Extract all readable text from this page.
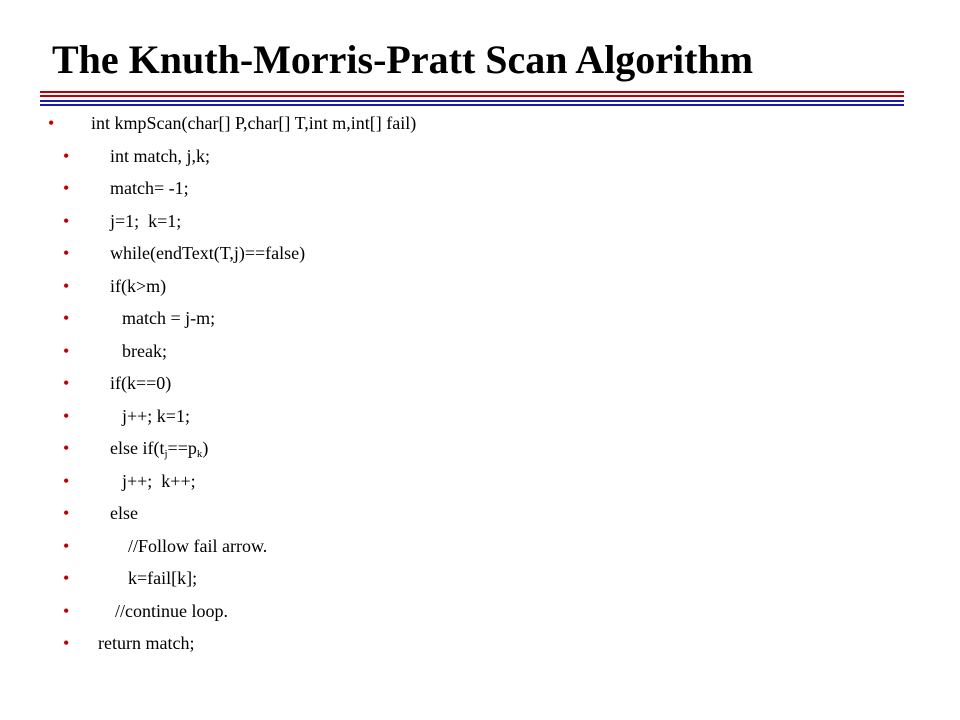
The Knuth-Morris-Pratt Scan Algorithm
• int kmpScan(char[] P,char[] T,int m,int[] fail)
• int match, j,k;
• match= -1;
• j=1;  k=1;
• while(endText(T,j)==false)
• if(k>m)
•	match = j-m;
•	break;
• if(k==0)
•	j++; k=1;
• else $if(t_j==p_k)$
•	j++;  k++;
• else
•	//Follow fail arrow.
•	k=fail[k];
•	//continue loop.
• return match;
